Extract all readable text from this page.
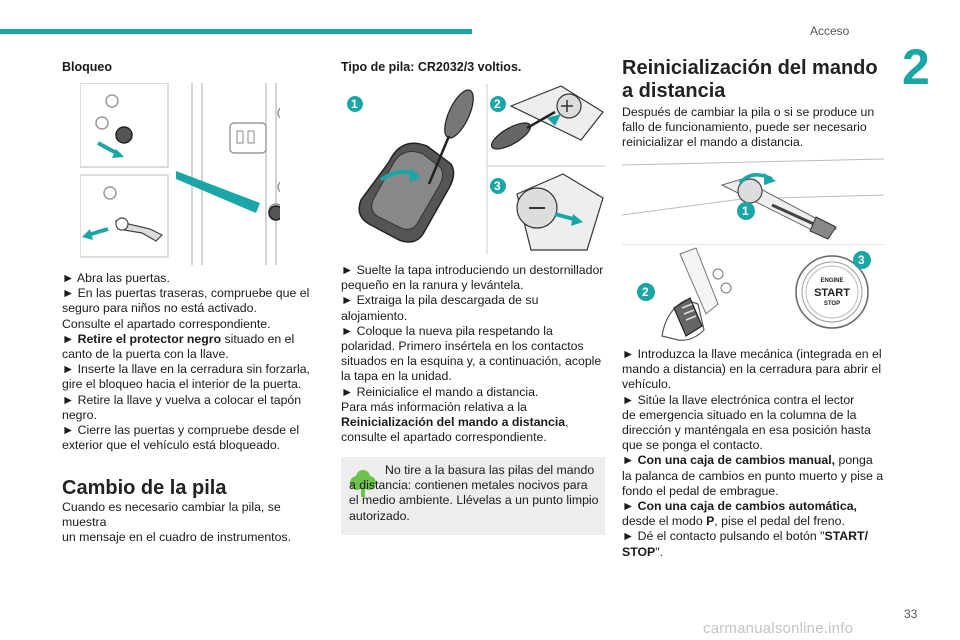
Acceso
2
Bloqueo
► Abra las puertas.
► En las puertas traseras, compruebe que el
seguro para niños no está activado.
Consulte el apartado correspondiente.
► Retire el protector negro situado en el
canto de la puerta con la llave.
► Inserte la llave en la cerradura sin forzarla,
gire el bloqueo hacia el interior de la puerta.
► Retire la llave y vuelva a colocar el tapón
negro.
► Cierre las puertas y compruebe desde el
exterior que el vehículo está bloqueado.
Cambio de la pila
Cuando es necesario cambiar la pila, se muestra
un mensaje en el cuadro de instrumentos.
Tipo de pila: CR2032/3 voltios.
1	2
3
► Suelte la tapa introduciendo un destornillador
pequeño en la ranura y levántela.
► Extraiga la pila descargada de su
alojamiento.
► Coloque la nueva pila respetando la
polaridad. Primero insértela en los contactos
situados en la esquina y, a continuación, acople
la tapa en la unidad.
► Reinicialice el mando a distancia.
Para más información relativa a la
Reinicialización del mando a distancia,
consulte el apartado correspondiente.
No tire a la basura las pilas del mando a distancia: contienen metales nocivos para el medio ambiente. Llévelas a un punto limpio autorizado.
Reinicialización del mando
a distancia
Después de cambiar la pila o si se produce un
fallo de funcionamiento, puede ser necesario
reinicializar el mando a distancia.
1
ENGINE
START
STOP
2
3
► Introduzca la llave mecánica (integrada en el
mando a distancia) en la cerradura para abrir el
vehículo.
► Sitúe la llave electrónica contra el lector
de emergencia situado en la columna de la
dirección y manténgala en esa posición hasta
que se ponga el contacto.
► Con una caja de cambios manual, ponga
la palanca de cambios en punto muerto y pise a
fondo el pedal de embrague.
► Con una caja de cambios automática,
desde el modo P, pise el pedal del freno.
► Dé el contacto pulsando el botón "START/
STOP".
33
carmanualsonline.info
